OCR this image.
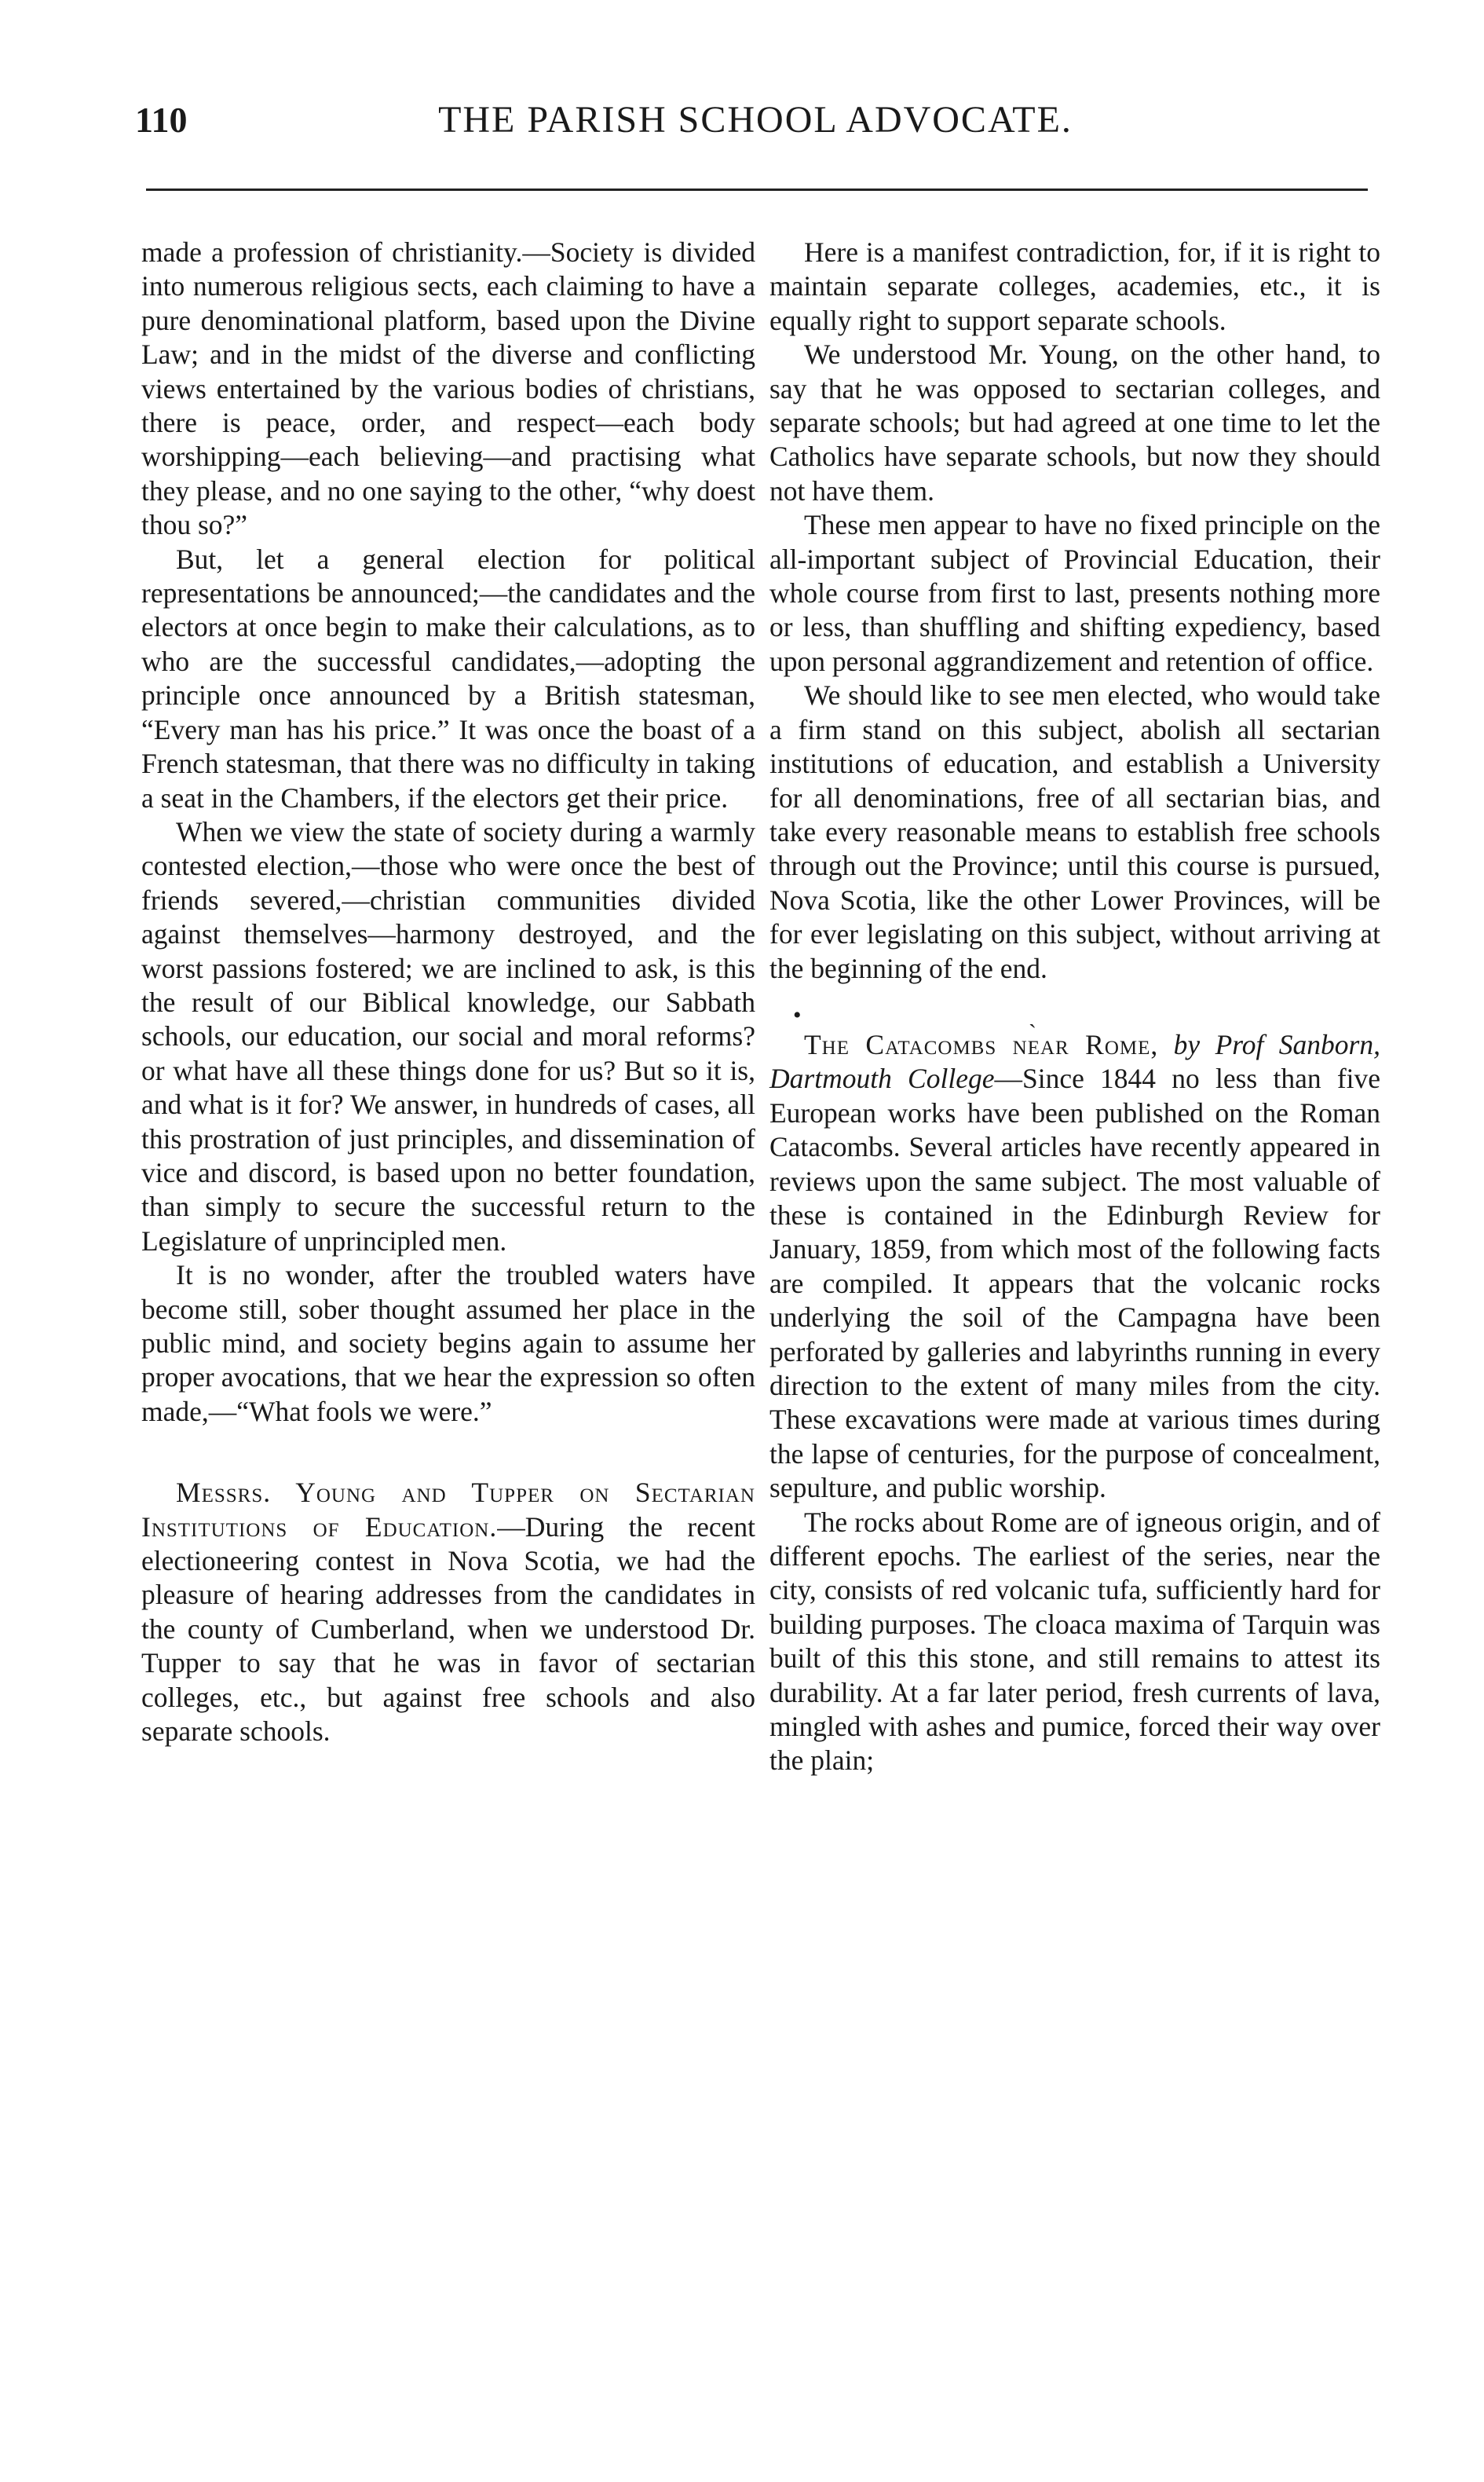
110	THE PARISH SCHOOL ADVOCATE.

made a profession of christianity.—Society is divided into numerous religious sects, each claiming to have a pure denominational platform, based upon the Divine Law; and in the midst of the diverse and conflicting views entertained by the various bodies of christians, there is peace, order, and respect—each body worshipping—each believing—and practising what they please, and no one saying to the other, “why doest thou so?”

But, let a general election for political representations be announced;—the candidates and the electors at once begin to make their calculations, as to who are the successful candidates,—adopting the principle once announced by a British statesman, “Every man has his price.” It was once the boast of a French statesman, that there was no difficulty in taking a seat in the Chambers, if the electors get their price.

When we view the state of society during a warmly contested election,—those who were once the best of friends severed,—christian communities divided against themselves—harmony destroyed, and the worst passions fostered; we are inclined to ask, is this the result of our Biblical knowledge, our Sabbath schools, our education, our social and moral reforms? or what have all these things done for us? But so it is, and what is it for? We answer, in hundreds of cases, all this prostration of just principles, and dissemination of vice and discord, is based upon no better foundation, than simply to secure the successful return to the Legislature of unprincipled men.

It is no wonder, after the troubled waters have become still, sober thought assumed her place in the public mind, and society begins again to assume her proper avocations, that we hear the expression so often made,—“What fools we were.”

Messrs. Young and Tupper on Sectarian Institutions of Education.—During the recent electioneering contest in Nova Scotia, we had the pleasure of hearing addresses from the candidates in the county of Cumberland, when we understood Dr. Tupper to say that he was in favor of sectarian colleges, etc., but against free schools and also separate schools.

Here is a manifest contradiction, for, if it is right to maintain separate colleges, academies, etc., it is equally right to support separate schools.

We understood Mr. Young, on the other hand, to say that he was opposed to sectarian colleges, and separate schools; but had agreed at one time to let the Catholics have separate schools, but now they should not have them.

These men appear to have no fixed principle on the all-important subject of Provincial Education, their whole course from first to last, presents nothing more or less, than shuffling and shifting expediency, based upon personal aggrandizement and retention of office.

We should like to see men elected, who would take a firm stand on this subject, abolish all sectarian institutions of education, and establish a University for all denominations, free of all sectarian bias, and take every reasonable means to establish free schools through out the Province; until this course is pursued, Nova Scotia, like the other Lower Provinces, will be for ever legislating on this subject, without arriving at the beginning of the end.

•	ˎ

The Catacombs near Rome, by Prof Sanborn, Dartmouth College—Since 1844 no less than five European works have been published on the Roman Catacombs. Several articles have recently appeared in reviews upon the same subject. The most valuable of these is contained in the Edinburgh Review for January, 1859, from which most of the following facts are compiled. It appears that the volcanic rocks underlying the soil of the Campagna have been perforated by galleries and labyrinths running in every direction to the extent of many miles from the city. These excavations were made at various times during the lapse of centuries, for the purpose of concealment, sepulture, and public worship.

The rocks about Rome are of igneous origin, and of different epochs. The earliest of the series, near the city, consists of red volcanic tufa, sufficiently hard for building purposes. The cloaca maxima of Tarquin was built of this this stone, and still remains to attest its durability. At a far later period, fresh currents of lava, mingled with ashes and pumice, forced their way over the plain;
